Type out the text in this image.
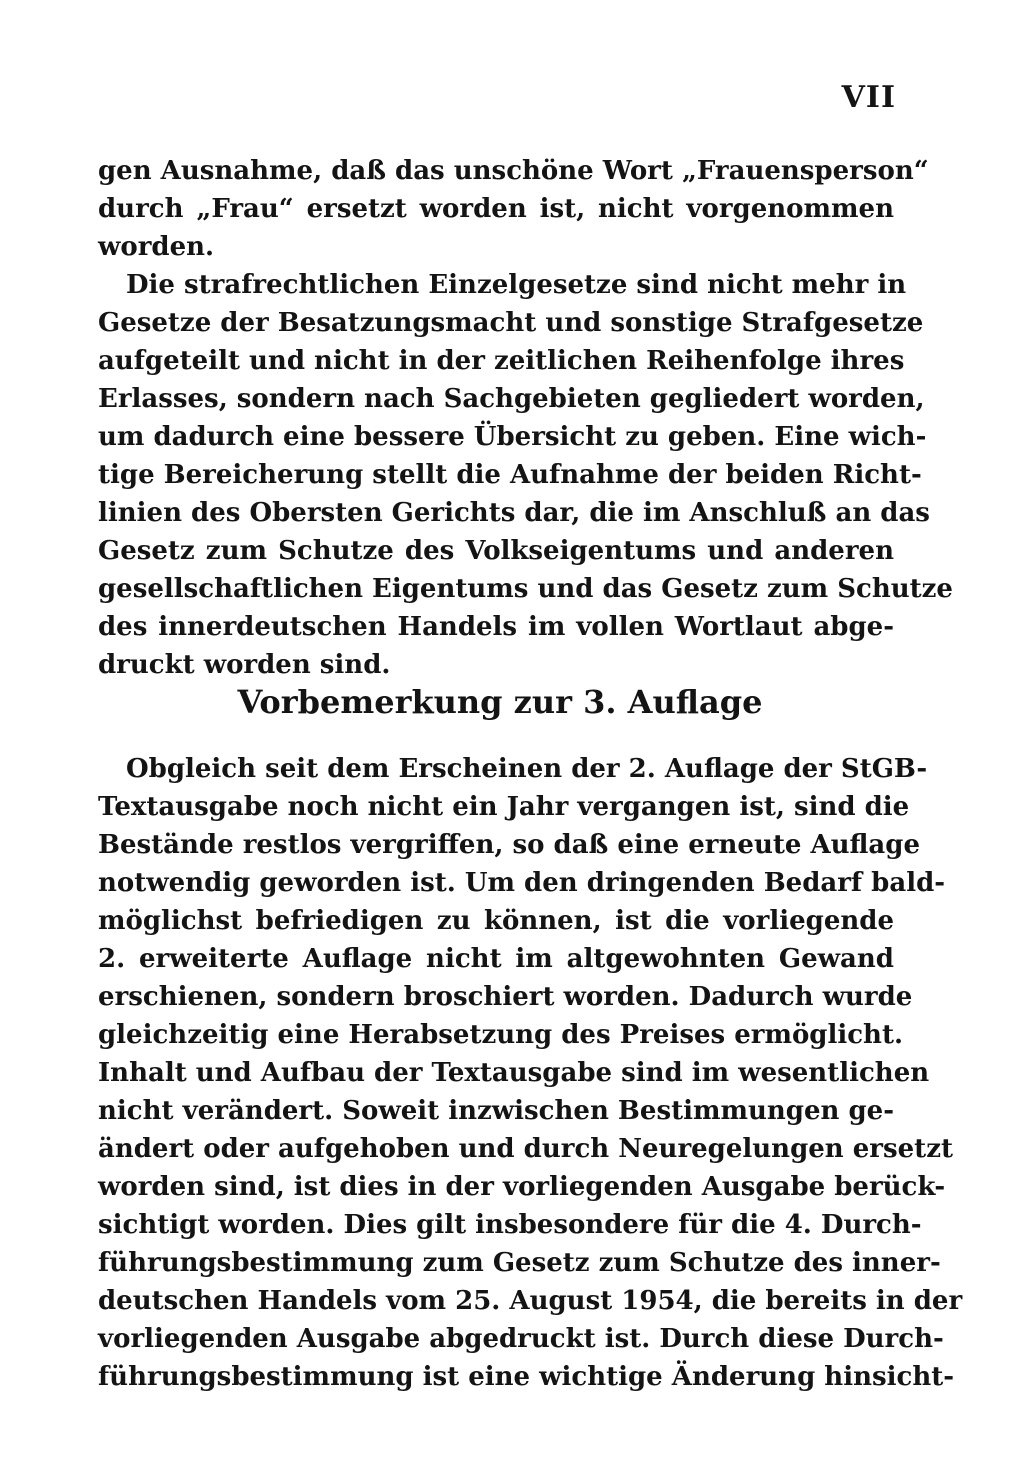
VII
gen Ausnahme, daß das unschöne Wort „Frauensperson“
durch „Frau“ ersetzt worden ist, nicht vorgenommen
worden.
Die strafrechtlichen Einzelgesetze sind nicht mehr in
Gesetze der Besatzungsmacht und sonstige Strafgesetze
aufgeteilt und nicht in der zeitlichen Reihenfolge ihres
Erlasses, sondern nach Sachgebieten gegliedert worden,
um dadurch eine bessere Übersicht zu geben. Eine wich-
tige Bereicherung stellt die Aufnahme der beiden Richt-
linien des Obersten Gerichts dar, die im Anschluß an das
Gesetz zum Schutze des Volkseigentums und anderen
gesellschaftlichen Eigentums und das Gesetz zum Schutze
des innerdeutschen Handels im vollen Wortlaut abge-
druckt worden sind.
Vorbemerkung zur 3. Auflage
Obgleich seit dem Erscheinen der 2. Auflage der StGB-
Textausgabe noch nicht ein Jahr vergangen ist, sind die
Bestände restlos vergriffen, so daß eine erneute Auflage
notwendig geworden ist. Um den dringenden Bedarf bald-
möglichst befriedigen zu können, ist die vorliegende
2. erweiterte Auflage nicht im altgewohnten Gewand
erschienen, sondern broschiert worden. Dadurch wurde
gleichzeitig eine Herabsetzung des Preises ermöglicht.
Inhalt und Aufbau der Textausgabe sind im wesentlichen
nicht verändert. Soweit inzwischen Bestimmungen ge-
ändert oder aufgehoben und durch Neuregelungen ersetzt
worden sind, ist dies in der vorliegenden Ausgabe berück-
sichtigt worden. Dies gilt insbesondere für die 4. Durch-
führungsbestimmung zum Gesetz zum Schutze des inner-
deutschen Handels vom 25. August 1954, die bereits in der
vorliegenden Ausgabe abgedruckt ist. Durch diese Durch-
führungsbestimmung ist eine wichtige Änderung hinsicht-
